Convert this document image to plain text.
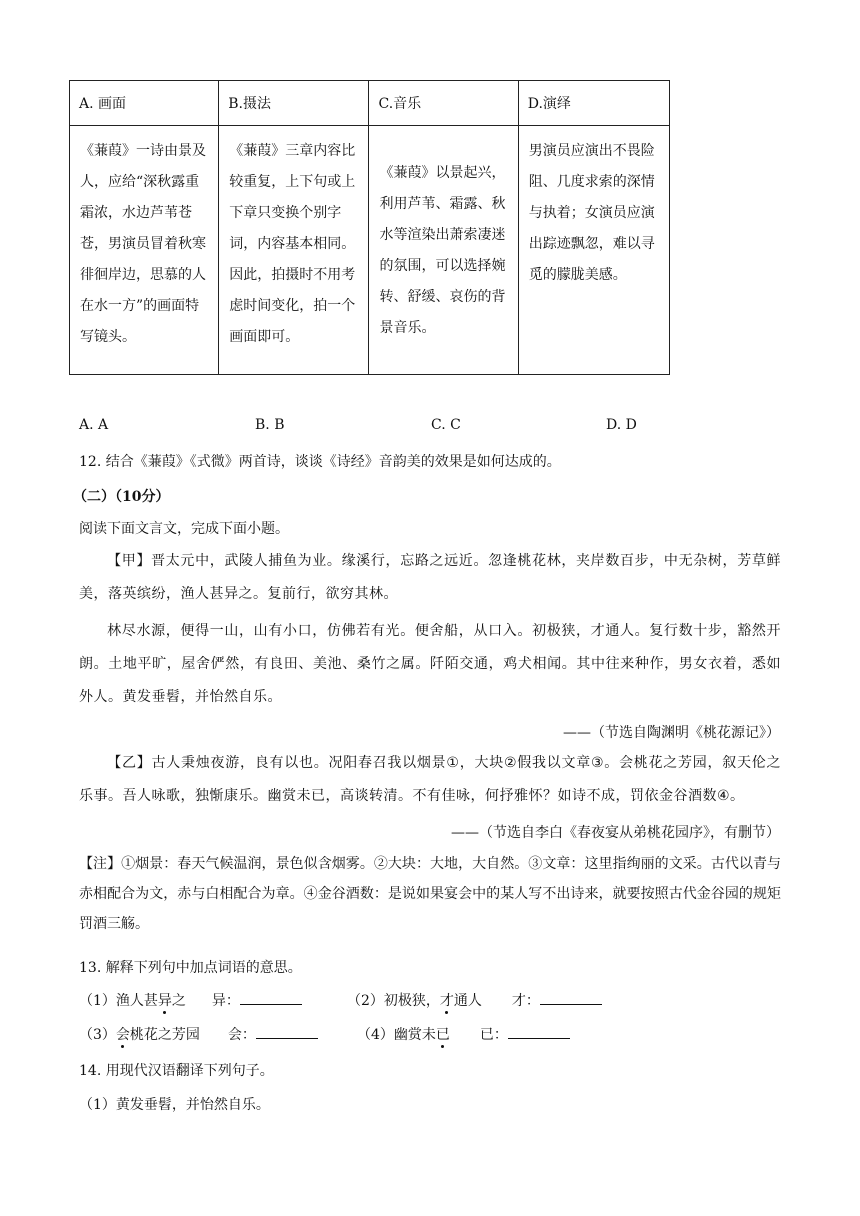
A. 画面	B.摄法	C.音乐	D.演绎
《蒹葭》一诗由景及人，应给“深秋露重霜浓，水边芦苇苍苍，男演员冒着秋寒徘徊岸边，思慕的人在水一方”的画面特写镜头。	《蒹葭》三章内容比较重复，上下句或上下章只变换个别字词，内容基本相同。因此，拍摄时不用考虑时间变化，拍一个画面即可。	《蒹葭》以景起兴，利用芦苇、霜露、秋水等渲染出萧索凄迷的氛围，可以选择婉转、舒缓、哀伤的背景音乐。	男演员应演出不畏险阻、几度求索的深情与执着；女演员应演出踪迹飘忽，难以寻觅的朦胧美感。
A. A	B. B	C. C	D. D
12. 结合《蒹葭》《式微》两首诗，谈谈《诗经》音韵美的效果是如何达成的。
（二）（10分）
阅读下面文言文，完成下面小题。
【甲】晋太元中，武陵人捕鱼为业。缘溪行，忘路之远近。忽逢桃花林，夹岸数百步，中无杂树，芳草鲜美，落英缤纷，渔人甚异之。复前行，欲穷其林。
林尽水源，便得一山，山有小口，仿佛若有光。便舍船，从口入。初极狭，才通人。复行数十步，豁然开朗。土地平旷，屋舍俨然，有良田、美池、桑竹之属。阡陌交通，鸡犬相闻。其中往来种作，男女衣着，悉如外人。黄发垂髫，并怡然自乐。
——（节选自陶渊明《桃花源记》）
【乙】古人秉烛夜游，良有以也。况阳春召我以烟景①，大块②假我以文章③。会桃花之芳园，叙天伦之乐事。吾人咏歌，独惭康乐。幽赏未已，高谈转清。不有佳咏，何抒雅怀？如诗不成，罚依金谷酒数④。
——（节选自李白《春夜宴从弟桃花园序》，有删节）
【注】①烟景：春天气候温润，景色似含烟雾。②大块：大地，大自然。③文章：这里指绚丽的文采。古代以青与赤相配合为文，赤与白相配合为章。④金谷酒数：是说如果宴会中的某人写不出诗来，就要按照古代金谷园的规矩罚酒三觞。
13. 解释下列句中加点词语的意思。
（1）渔人甚异之 异：	（2）初极狭，才通人 才：
（3）会桃花之芳园 会：	（4）幽赏未已 已：
14. 用现代汉语翻译下列句子。
（1）黄发垂髫，并怡然自乐。
